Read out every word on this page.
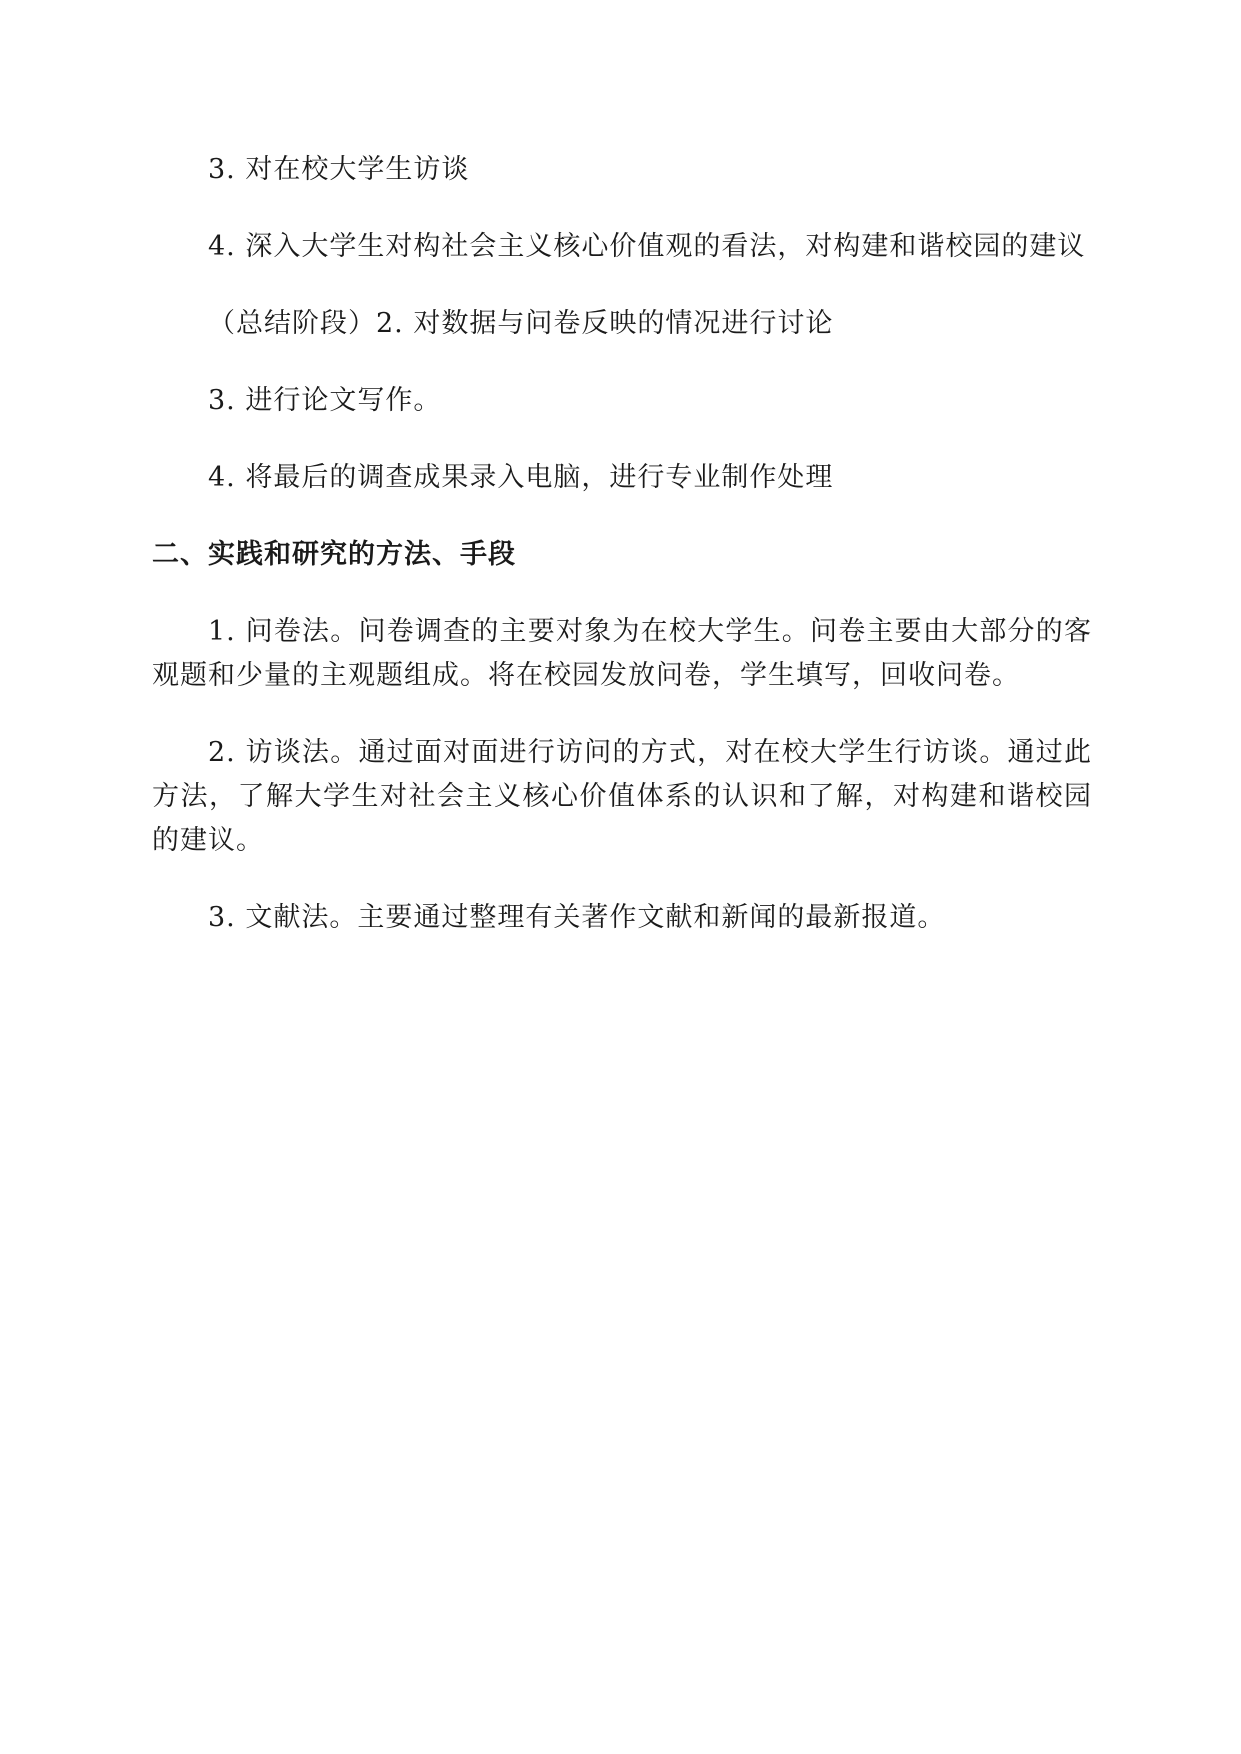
3. 对在校大学生访谈

4. 深入大学生对构社会主义核心价值观的看法，对构建和谐校园的建议

（总结阶段）2. 对数据与问卷反映的情况进行讨论

3. 进行论文写作。

4. 将最后的调查成果录入电脑，进行专业制作处理

二、实践和研究的方法、手段

1. 问卷法。问卷调查的主要对象为在校大学生。问卷主要由大部分的客观题和少量的主观题组成。将在校园发放问卷，学生填写，回收问卷。

2. 访谈法。通过面对面进行访问的方式，对在校大学生行访谈。通过此方法，了解大学生对社会主义核心价值体系的认识和了解，对构建和谐校园的建议。

3. 文献法。主要通过整理有关著作文献和新闻的最新报道。
